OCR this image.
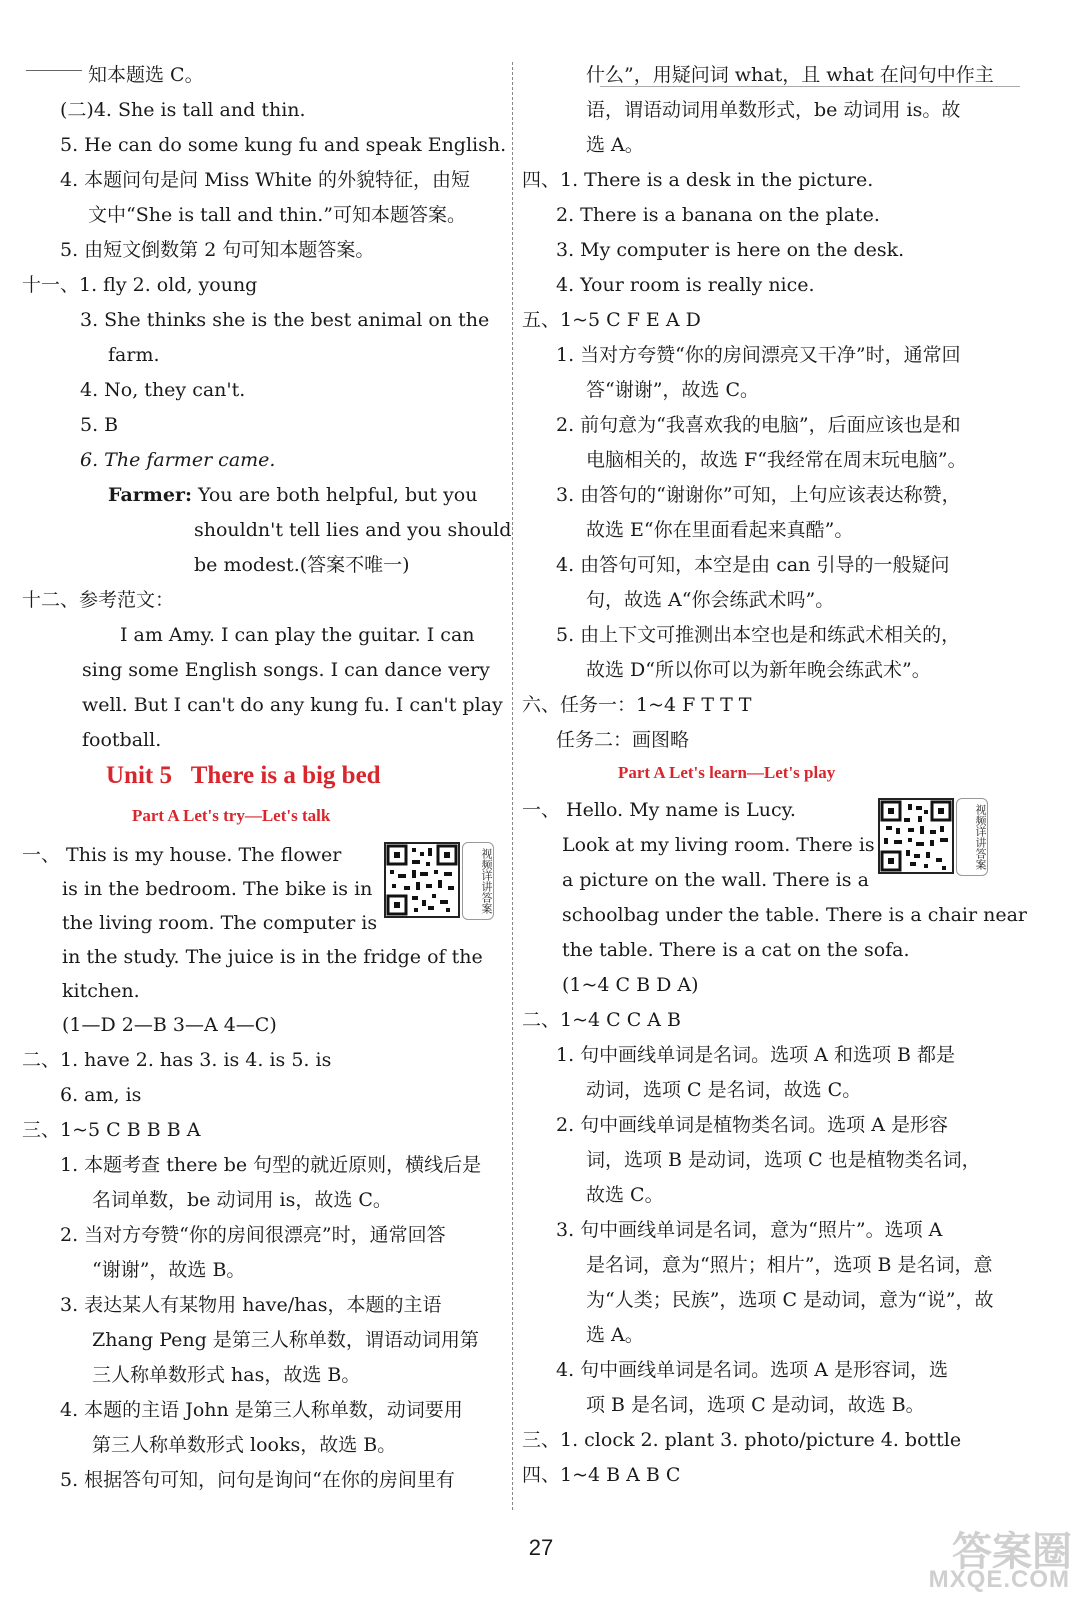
知本题选 C。
(二)4. She is tall and thin.
5. He can do some kung fu and speak English.
4. 本题问句是问 Miss White 的外貌特征，由短
文中“She is tall and thin.”可知本题答案。
5. 由短文倒数第 2 句可知本题答案。
十一、1. fly 2. old, young
3. She thinks she is the best animal on the
farm.
4. No, they can't.
5. B
6. The farmer came.
Farmer: You are both helpful, but you
shouldn't tell lies and you should
be modest.(答案不唯一)
十二、参考范文：
I am Amy. I can play the guitar. I can
sing some English songs. I can dance very
well. But I can't do any kung fu. I can't play
football.
一、 This is my house. The flower
is in the bedroom. The bike is in
the living room. The computer is
in the study. The juice is in the fridge of the
kitchen.
(1—D 2—B 3—A 4—C)
二、1. have 2. has 3. is 4. is 5. is
6. am, is
三、1~5 C B B B A
1. 本题考查 there be 句型的就近原则，横线后是
名词单数，be 动词用 is，故选 C。
2. 当对方夸赞“你的房间很漂亮”时，通常回答
“谢谢”，故选 B。
3. 表达某人有某物用 have/has，本题的主语
Zhang Peng 是第三人称单数，谓语动词用第
三人称单数形式 has，故选 B。
4. 本题的主语 John 是第三人称单数，动词要用
第三人称单数形式 looks，故选 B。
5. 根据答句可知，问句是询问“在你的房间里有
什么”，用疑问词 what，且 what 在问句中作主
语，谓语动词用单数形式，be 动词用 is。故
选 A。
四、1. There is a desk in the picture.
2. There is a banana on the plate.
3. My computer is here on the desk.
4. Your room is really nice.
五、1~5 C F E A D
1. 当对方夸赞“你的房间漂亮又干净”时，通常回
答“谢谢”，故选 C。
2. 前句意为“我喜欢我的电脑”，后面应该也是和
电脑相关的，故选 F“我经常在周末玩电脑”。
3. 由答句的“谢谢你”可知，上句应该表达称赞，
故选 E“你在里面看起来真酷”。
4. 由答句可知，本空是由 can 引导的一般疑问
句，故选 A“你会练武术吗”。
5. 由上下文可推测出本空也是和练武术相关的，
故选 D“所以你可以为新年晚会练武术”。
六、任务一：1~4 F T T T
任务二：画图略
一、 Hello. My name is Lucy.
Look at my living room. There is
a picture on the wall. There is a
schoolbag under the table. There is a chair near
the table. There is a cat on the sofa.
(1~4 C B D A)
二、1~4 C C A B
1. 句中画线单词是名词。选项 A 和选项 B 都是
动词，选项 C 是名词，故选 C。
2. 句中画线单词是植物类名词。选项 A 是形容
词，选项 B 是动词，选项 C 也是植物类名词，
故选 C。
3. 句中画线单词是名词，意为“照片”。选项 A
是名词，意为“照片；相片”，选项 B 是名词，意
为“人类；民族”，选项 C 是动词，意为“说”，故
选 A。
4. 句中画线单词是名词。选项 A 是形容词，选
项 B 是名词，选项 C 是动词，故选 B。
三、1. clock 2. plant 3. photo/picture 4. bottle
四、1~4 B A B C
Unit 5 There is a big bed
Part A Let's try—Let's talk
Part A Let's learn—Let's play
视频详讲答案
视频详讲答案
27	答案圈
MXQE.COM
